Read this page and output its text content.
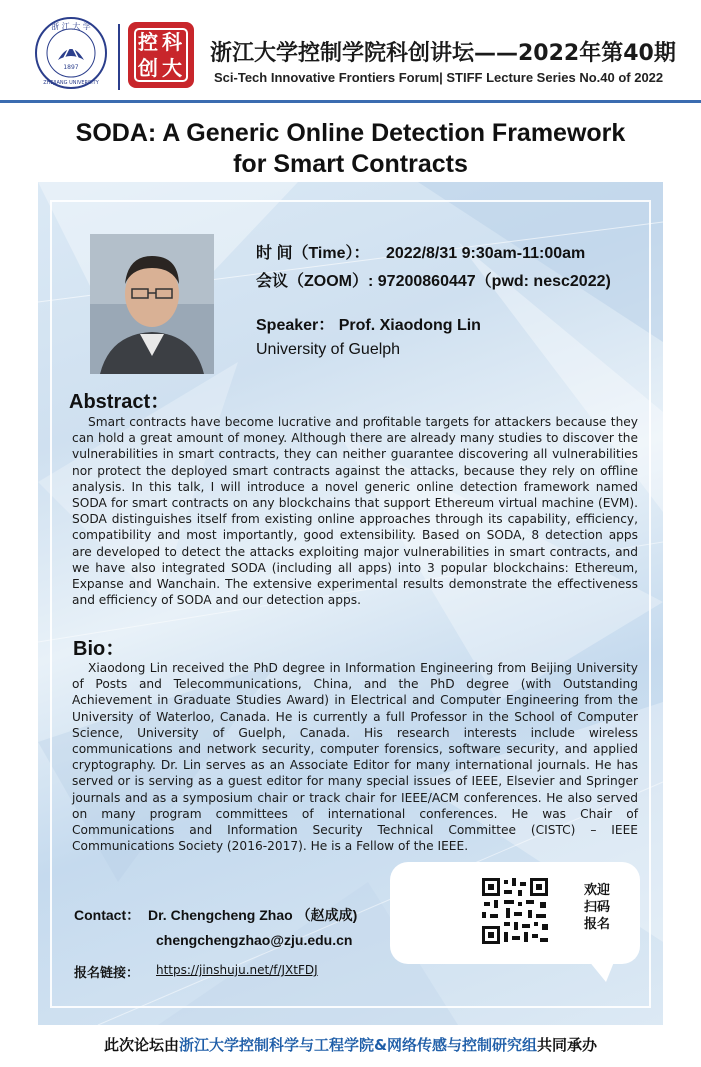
1897
ZHEJIANG UNIVERSITY
浙 江 大 学
控 科
创 大
浙江大学控制学院科创讲坛——2022年第40期
Sci-Tech Innovative Frontiers Forum| STIFF Lecture Series No.40 of 2022
SODA: A Generic Online Detection Framework
for Smart Contracts
时 间（Time）： 2022/8/31 9:30am-11:00am
会议（ZOOM）: 97200860447（pwd: nesc2022)
Speaker： Prof. Xiaodong Lin
University of Guelph
Abstract：
Smart contracts have become lucrative and profitable targets for attackers because they can hold a great amount of money. Although there are already many studies to discover the vulnerabilities in smart contracts, they can neither guarantee discovering all vulnerabilities nor protect the deployed smart contracts against the attacks, because they rely on offline analysis. In this talk, I will introduce a novel generic online detection framework named SODA for smart contracts on any blockchains that support Ethereum virtual machine (EVM). SODA distinguishes itself from existing online approaches through its capability, efficiency, compatibility and most importantly, good extensibility. Based on SODA, 8 detection apps are developed to detect the attacks exploiting major vulnerabilities in smart contracts, and we have also integrated SODA (including all apps) into 3 popular blockchains: Ethereum, Expanse and Wanchain. The extensive experimental results demonstrate the effectiveness and efficiency of SODA and our detection apps.
Bio：
Xiaodong Lin received the PhD degree in Information Engineering from Beijing University of Posts and Telecommunications, China, and the PhD degree (with Outstanding Achievement in Graduate Studies Award) in Electrical and Computer Engineering from the University of Waterloo, Canada. He is currently a full Professor in the School of Computer Science, University of Guelph, Canada. His research interests include wireless communications and network security, computer forensics, software security, and applied cryptography. Dr. Lin serves as an Associate Editor for many international journals. He has served or is serving as a guest editor for many special issues of IEEE, Elsevier and Springer journals and as a symposium chair or track chair for IEEE/ACM conferences. He also served on many program committees of international conferences. He was Chair of Communications and Information Security Technical Committee (CISTC) – IEEE Communications Society (2016-2017). He is a Fellow of the IEEE.
欢迎
扫码
报名
Contact： Dr. Chengcheng Zhao （赵成成)
chengchengzhao@zju.edu.cn
报名链接： https://jinshuju.net/f/JXtFDJ
此次论坛由浙江大学控制科学与工程学院&网络传感与控制研究组共同承办
